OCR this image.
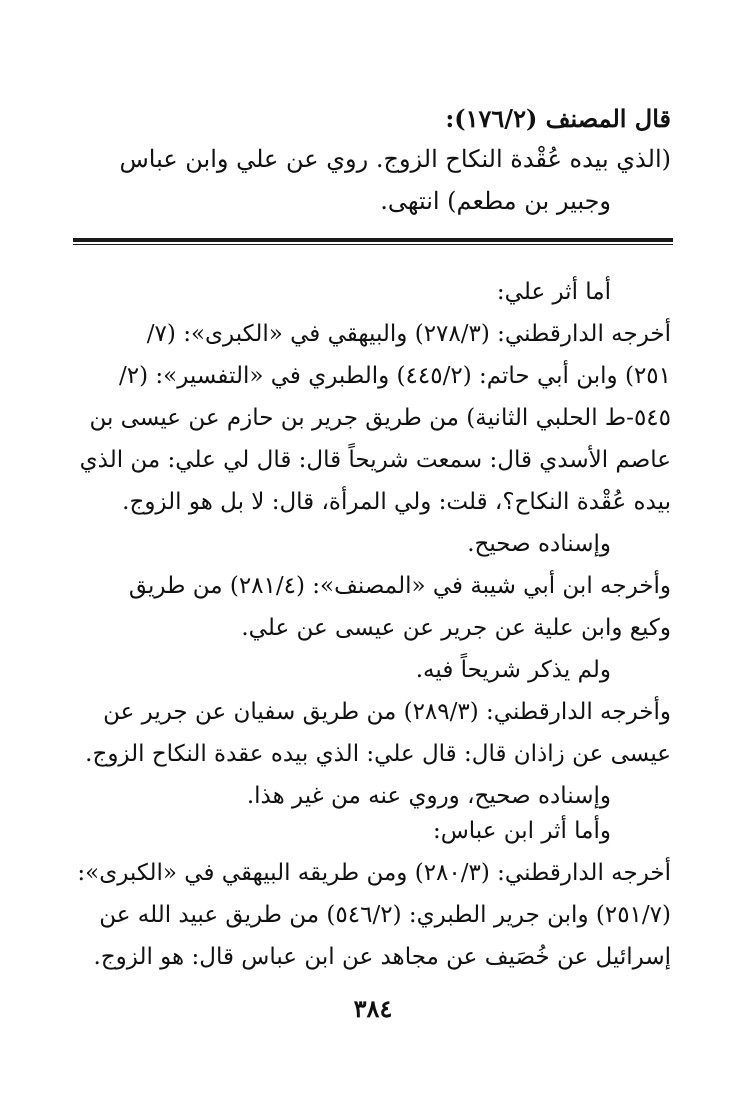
قال المصنف (١٧٦/٢):
(الذي بيده عُقْدة النكاح الزوج. روي عن علي وابن عباس
وجبير بن مطعم) انتهى.
أما أثر علي:
أخرجه الدارقطني: (٢٧٨/٣) والبيهقي في «الكبرى»: (٧/
٢٥١) وابن أبي حاتم: (٤٤٥/٢) والطبري في «التفسير»: (٢/
٥٤٥-ط الحلبي الثانية) من طريق جرير بن حازم عن عيسى بن
عاصم الأسدي قال: سمعت شريحاً قال: قال لي علي: من الذي
بيده عُقْدة النكاح؟، قلت: ولي المرأة، قال: لا بل هو الزوج.
وإسناده صحيح.
وأخرجه ابن أبي شيبة في «المصنف»: (٢٨١/٤) من طريق
وكيع وابن علية عن جرير عن عيسى عن علي.
ولم يذكر شريحاً فيه.
وأخرجه الدارقطني: (٢٨٩/٣) من طريق سفيان عن جرير عن
عيسى عن زاذان قال: قال علي: الذي بيده عقدة النكاح الزوج.
وإسناده صحيح، وروي عنه من غير هذا.
وأما أثر ابن عباس:
أخرجه الدارقطني: (٢٨٠/٣) ومن طريقه البيهقي في «الكبرى»:
(٢٥١/٧) وابن جرير الطبري: (٥٤٦/٢) من طريق عبيد الله عن
إسرائيل عن خُصَيف عن مجاهد عن ابن عباس قال: هو الزوج.
٣٨٤
